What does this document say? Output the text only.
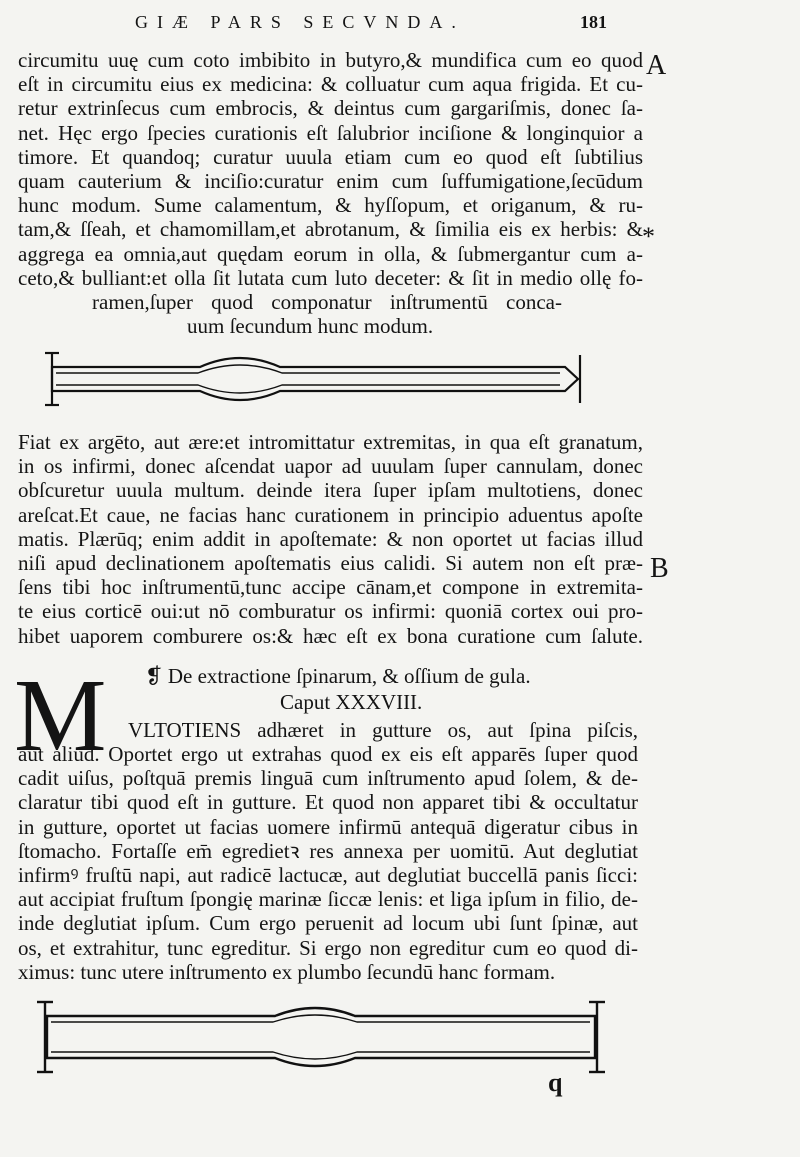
GIÆ PARS SECVNDA.	181
A
*
B
circumitu uuę cum coto imbibito in butyro,& mundifica cum eo quod
eſt in circumitu eius ex medicina: & colluatur cum aqua frigida. Et cu-
retur extrinſecus cum embrocis, & deintus cum gargariſmis, donec ſa-
net. Hęc ergo ſpecies curationis eſt ſalubrior inciſione & longinquior a
timore. Et quandoq; curatur uuula etiam cum eo quod eſt ſubtilius
quam cauterium & inciſio:curatur enim cum ſuffumigatione,ſecūdum
hunc modum. Sume calamentum, & hyſſopum, et origanum, & ru-
tam,& ſſeah, et chamomillam,et abrotanum, & ſimilia eis ex herbis: &
aggrega ea omnia,aut quędam eorum in olla, & ſubmergantur cum a-
ceto,& bulliant:et olla ſit lutata cum luto deceter: & ſit in medio ollę fo-
ramen,ſuper quod componatur inſtrumentū conca-
uum ſecundum hunc modum.
Fiat ex argēto, aut ære:et intromittatur extremitas, in qua eſt granatum,
in os infirmi, donec aſcendat uapor ad uuulam ſuper cannulam, donec
obſcuretur uuula multum. deinde itera ſuper ipſam multotiens, donec
areſcat.Et caue, ne facias hanc curationem in principio aduentus apoſte
matis. Plærūq; enim addit in apoſtemate: & non oportet ut facias illud
niſi apud declinationem apoſtematis eius calidi. Si autem non eſt præ-
ſens tibi hoc inſtrumentū,tunc accipe cānam,et compone in extremita-
te eius corticē oui:ut nō comburatur os infirmi: quoniā cortex oui pro-
hibet uaporem comburere os:& hæc eſt ex bona curatione cum ſalute.
❡ De extractione ſpinarum, & oſſium de gula.
Caput XXXVIII.
M VLTOTIENS adhæret in gutture os, aut ſpina piſcis,
aut aliud. Oportet ergo ut extrahas quod ex eis eſt apparēs ſuper quod
cadit uiſus, poſtquā premis linguā cum inſtrumento apud ſolem, & de-
claratur tibi quod eſt in gutture. Et quod non apparet tibi & occultatur
in gutture, oportet ut facias uomere infirmū antequā digeratur cibus in
ſtomacho. Fortaſſe em̄ egredietꝛ res annexa per uomitū. Aut deglutiat
infirmꝰ fruſtū napi, aut radicē lactucæ, aut deglutiat buccellā panis ſicci:
aut accipiat fruſtum ſpongię marinæ ſiccæ lenis: et liga ipſum in filio, de-
inde deglutiat ipſum. Cum ergo peruenit ad locum ubi ſunt ſpinæ, aut
os, et extrahitur, tunc egreditur. Si ergo non egreditur cum eo quod di-
ximus: tunc utere inſtrumento ex plumbo ſecundū hanc formam.
q
